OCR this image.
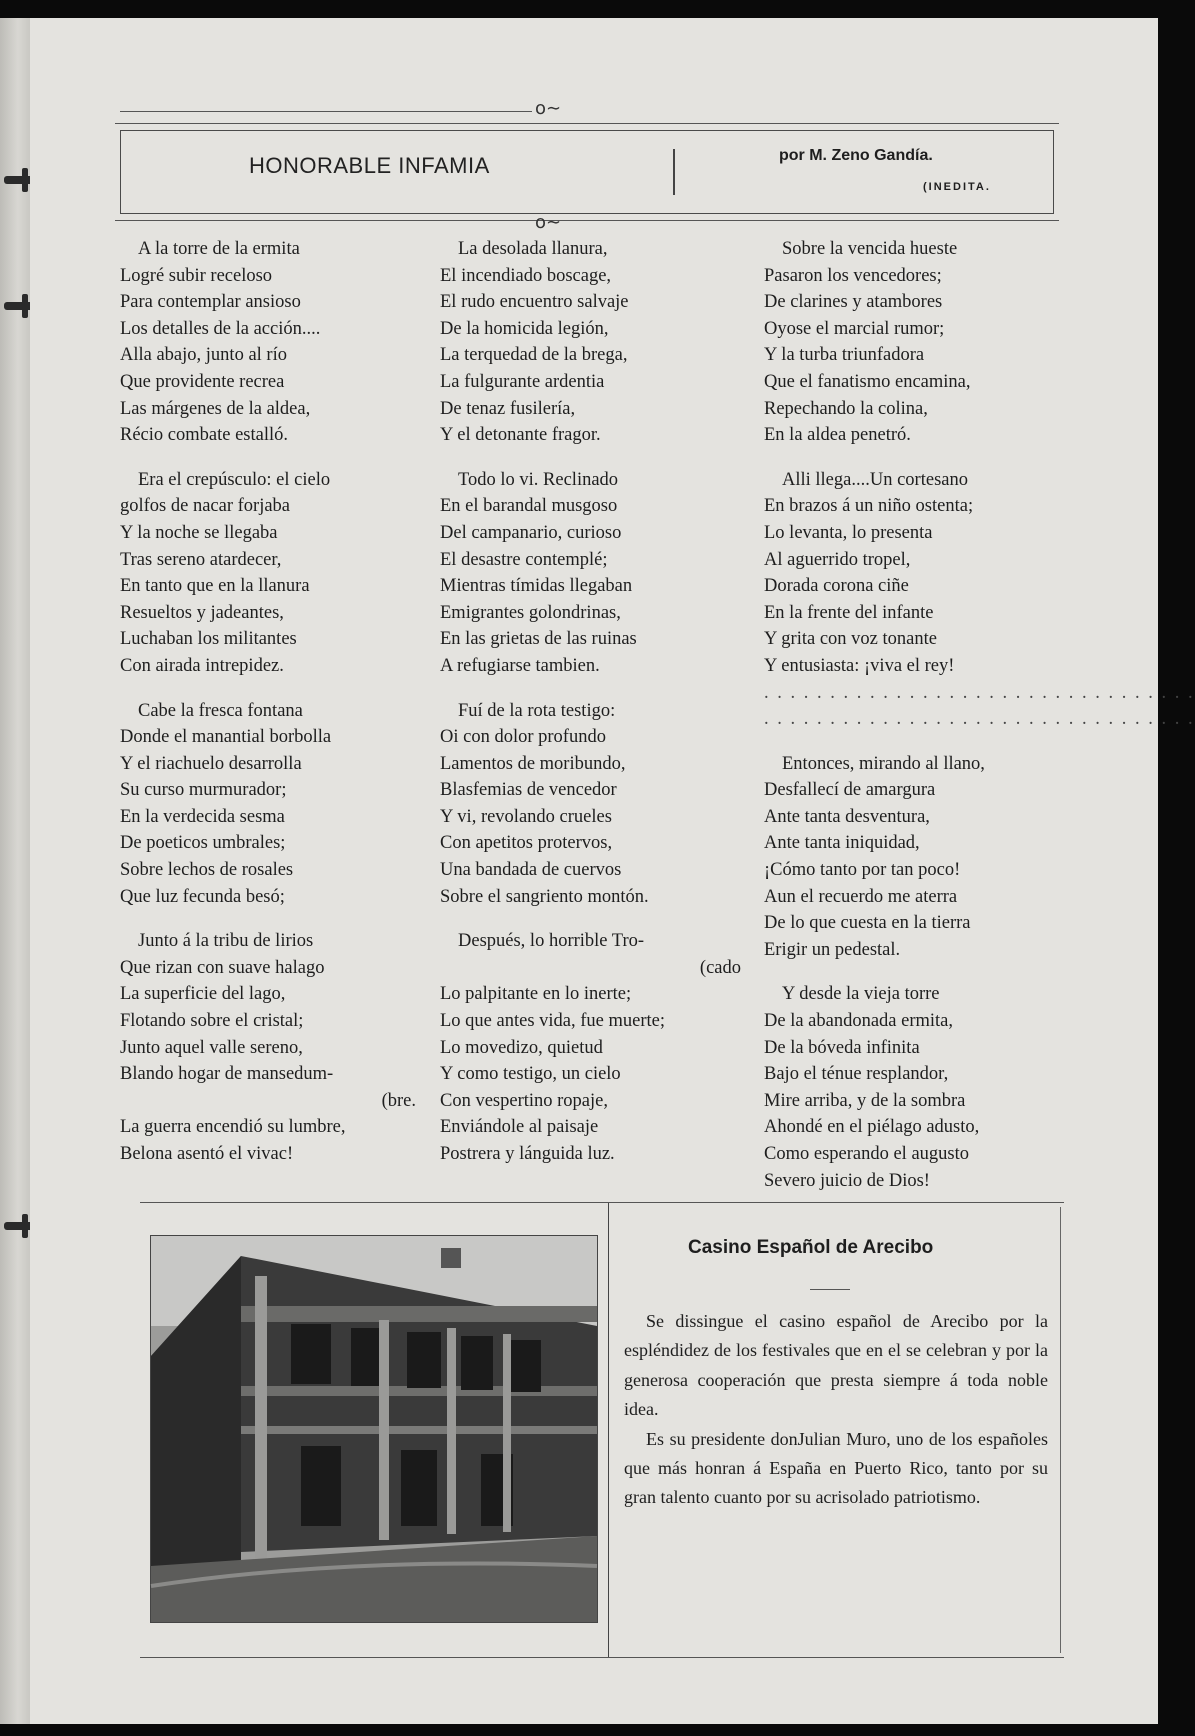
o∼
HONORABLE INFAMIA	por M. Zeno Gandía.
(INEDITA.
o∼
A la torre de la ermita
Logré subir receloso
Para contemplar ansioso
Los detalles de la acción....
Alla abajo, junto al río
Que providente recrea
Las márgenes de la aldea,
Récio combate estalló.
Era el crepúsculo: el cielo
golfos de nacar forjaba
Y la noche se llegaba
Tras sereno atardecer,
En tanto que en la llanura
Resueltos y jadeantes,
Luchaban los militantes
Con airada intrepidez.
Cabe la fresca fontana
Donde el manantial borbolla
Y el riachuelo desarrolla
Su curso murmurador;
En la verdecida sesma
De poeticos umbrales;
Sobre lechos de rosales
Que luz fecunda besó;
Junto á la tribu de lirios
Que rizan con suave halago
La superficie del lago,
Flotando sobre el cristal;
Junto aquel valle sereno,
Blando hogar de mansedum-
(bre.
La guerra encendió su lumbre,
Belona asentó el vivac!
La desolada llanura,
El incendiado boscage,
El rudo encuentro salvaje
De la homicida legión,
La terquedad de la brega,
La fulgurante ardentia
De tenaz fusilería,
Y el detonante fragor.
Todo lo vi. Reclinado
En el barandal musgoso
Del campanario, curioso
El desastre contemplé;
Mientras tímidas llegaban
Emigrantes golondrinas,
En las grietas de las ruinas
A refugiarse tambien.
Fuí de la rota testigo:
Oi con dolor profundo
Lamentos de moribundo,
Blasfemias de vencedor
Y vi, revolando crueles
Con apetitos protervos,
Una bandada de cuervos
Sobre el sangriento montón.
Después, lo horrible Tro-
(cado
Lo palpitante en lo inerte;
Lo que antes vida, fue muerte;
Lo movedizo, quietud
Y como testigo, un cielo
Con vespertino ropaje,
Enviándole al paisaje
Postrera y lánguida luz.
Sobre la vencida hueste
Pasaron los vencedores;
De clarines y atambores
Oyose el marcial rumor;
Y la turba triunfadora
Que el fanatismo encamina,
Repechando la colina,
En la aldea penetró.
Alli llega....Un cortesano
En brazos á un niño ostenta;
Lo levanta, lo presenta
Al aguerrido tropel,
Dorada corona ciñe
En la frente del infante
Y grita con voz tonante
Y entusiasta: ¡viva el rey!
. . . . . . . . . . . . . . . . . . . . . . . . . . . . . . . . .
. . . . . . . . . . . . . . . . . . . . . . . . . . . . . . . . .
Entonces, mirando al llano,
Desfallecí de amargura
Ante tanta desventura,
Ante tanta iniquidad,
¡Cómo tanto por tan poco!
Aun el recuerdo me aterra
De lo que cuesta en la tierra
Erigir un pedestal.
Y desde la vieja torre
De la abandonada ermita,
De la bóveda infinita
Bajo el ténue resplandor,
Mire arriba, y de la sombra
Ahondé en el piélago adusto,
Como esperando el augusto
Severo juicio de Dios!
Casino Español de Arecibo

Se dissingue el casino español de Arecibo por la espléndidez de los festivales que en el se celebran y por la generosa cooperación que presta siempre á toda noble idea.

Es su presidente donJulian Muro, uno de los españoles que más honran á España en Puerto Rico, tanto por su gran talento cuanto por su acrisolado patriotismo.
